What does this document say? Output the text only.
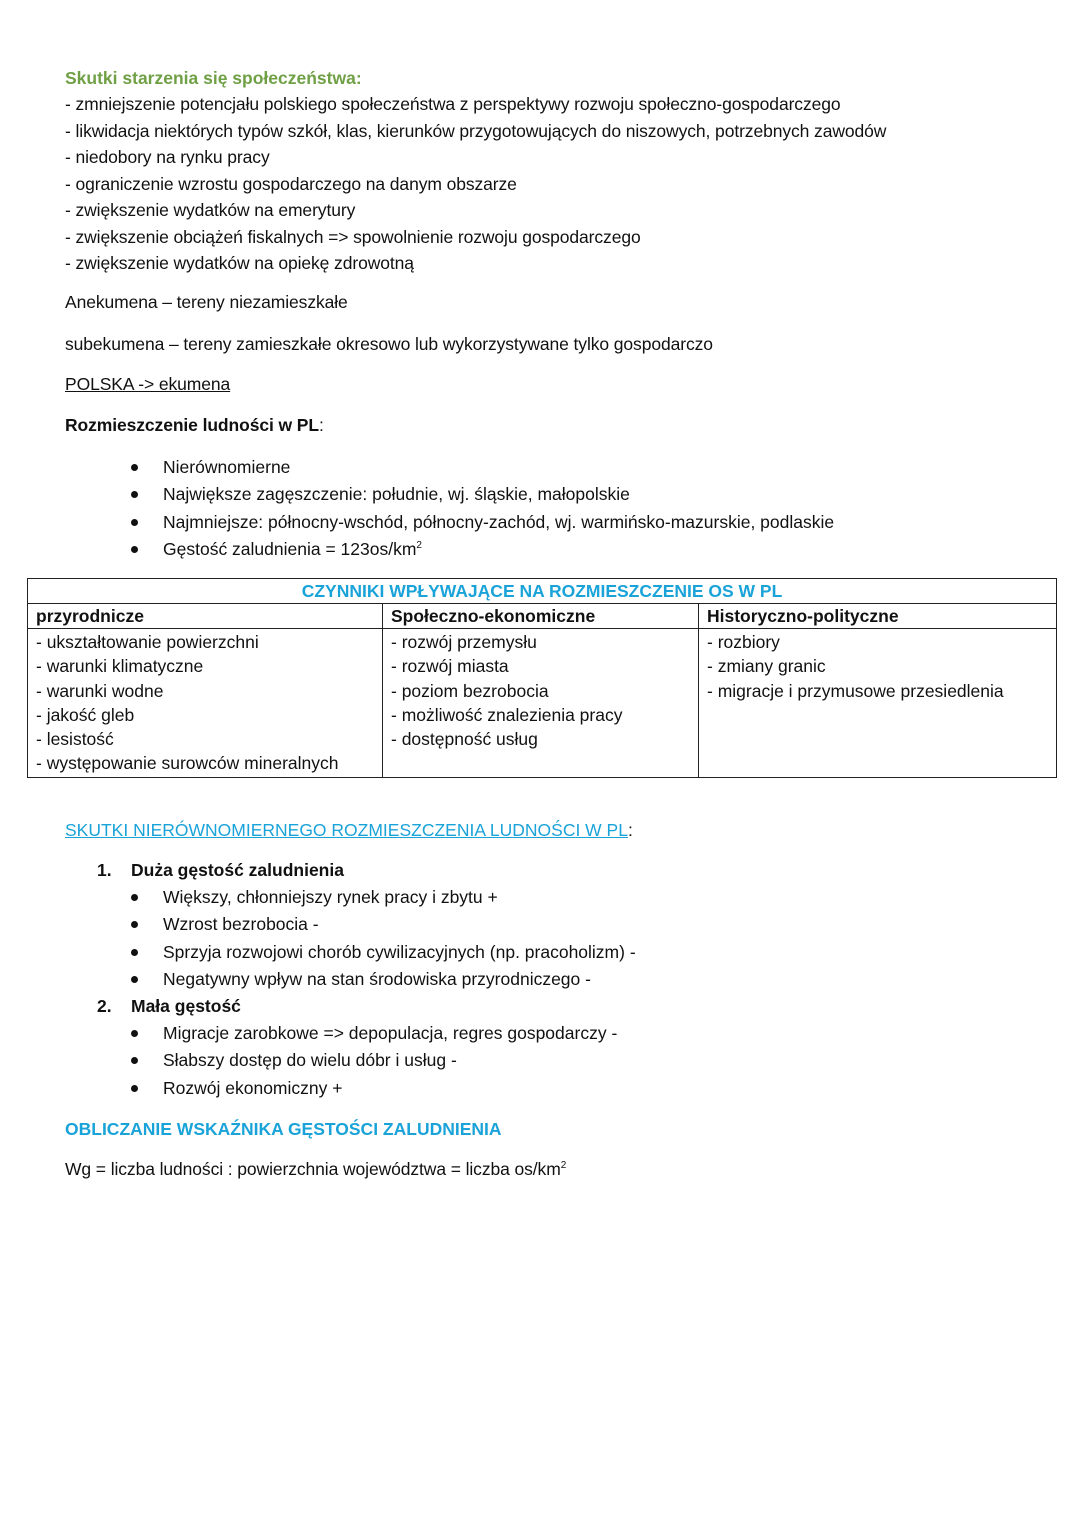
Skutki starzenia się społeczeństwa:
- zmniejszenie potencjału polskiego społeczeństwa z perspektywy rozwoju społeczno-gospodarczego
- likwidacja niektórych typów szkół, klas, kierunków przygotowujących do niszowych, potrzebnych zawodów
- niedobory na rynku pracy
- ograniczenie wzrostu gospodarczego na danym obszarze
- zwiększenie wydatków na emerytury
- zwiększenie obciążeń fiskalnych => spowolnienie rozwoju gospodarczego
- zwiększenie wydatków na opiekę zdrowotną
Anekumena – tereny niezamieszkałe
subekumena – tereny zamieszkałe okresowo lub wykorzystywane tylko gospodarczo
POLSKA -> ekumena
Rozmieszczenie ludności w PL:
Nierównomierne
Największe zagęszczenie: południe, wj. śląskie, małopolskie
Najmniejsze: północny-wschód, północny-zachód, wj. warmińsko-mazurskie, podlaskie
Gęstość zaludnienia = $123os/km^2$
CZYNNIKI WPŁYWAJĄCE NA ROZMIESZCZENIE OS W PL		
przyrodnicze	Społeczno-ekonomiczne	Historyczno-polityczne

- ukształtowanie powierzchni
- warunki klimatyczne
- warunki wodne
- jakość gleb
- lesistość
- występowanie surowców mineralnych

- rozwój przemysłu
- rozwój miasta
- poziom bezrobocia
- możliwość znalezienia pracy
- dostępność usług

- rozbiory
- zmiany granic
- migracje i przymusowe przesiedlenia
SKUTKI NIERÓWNOMIERNEGO ROZMIESZCZENIA LUDNOŚCI W PL:
1. Duża gęstość zaludnienia
Większy, chłonniejszy rynek pracy i zbytu +
Wzrost bezrobocia -
Sprzyja rozwojowi chorób cywilizacyjnych (np. pracoholizm) -
Negatywny wpływ na stan środowiska przyrodniczego -
2. Mała gęstość
Migracje zarobkowe => depopulacja, regres gospodarczy -
Słabszy dostęp do wielu dóbr i usług -
Rozwój ekonomiczny +
OBLICZANIE WSKAŹNIKA GĘSTOŚCI ZALUDNIENIA
Wg = liczba ludności : powierzchnia województwa = liczba $os/km^2$
